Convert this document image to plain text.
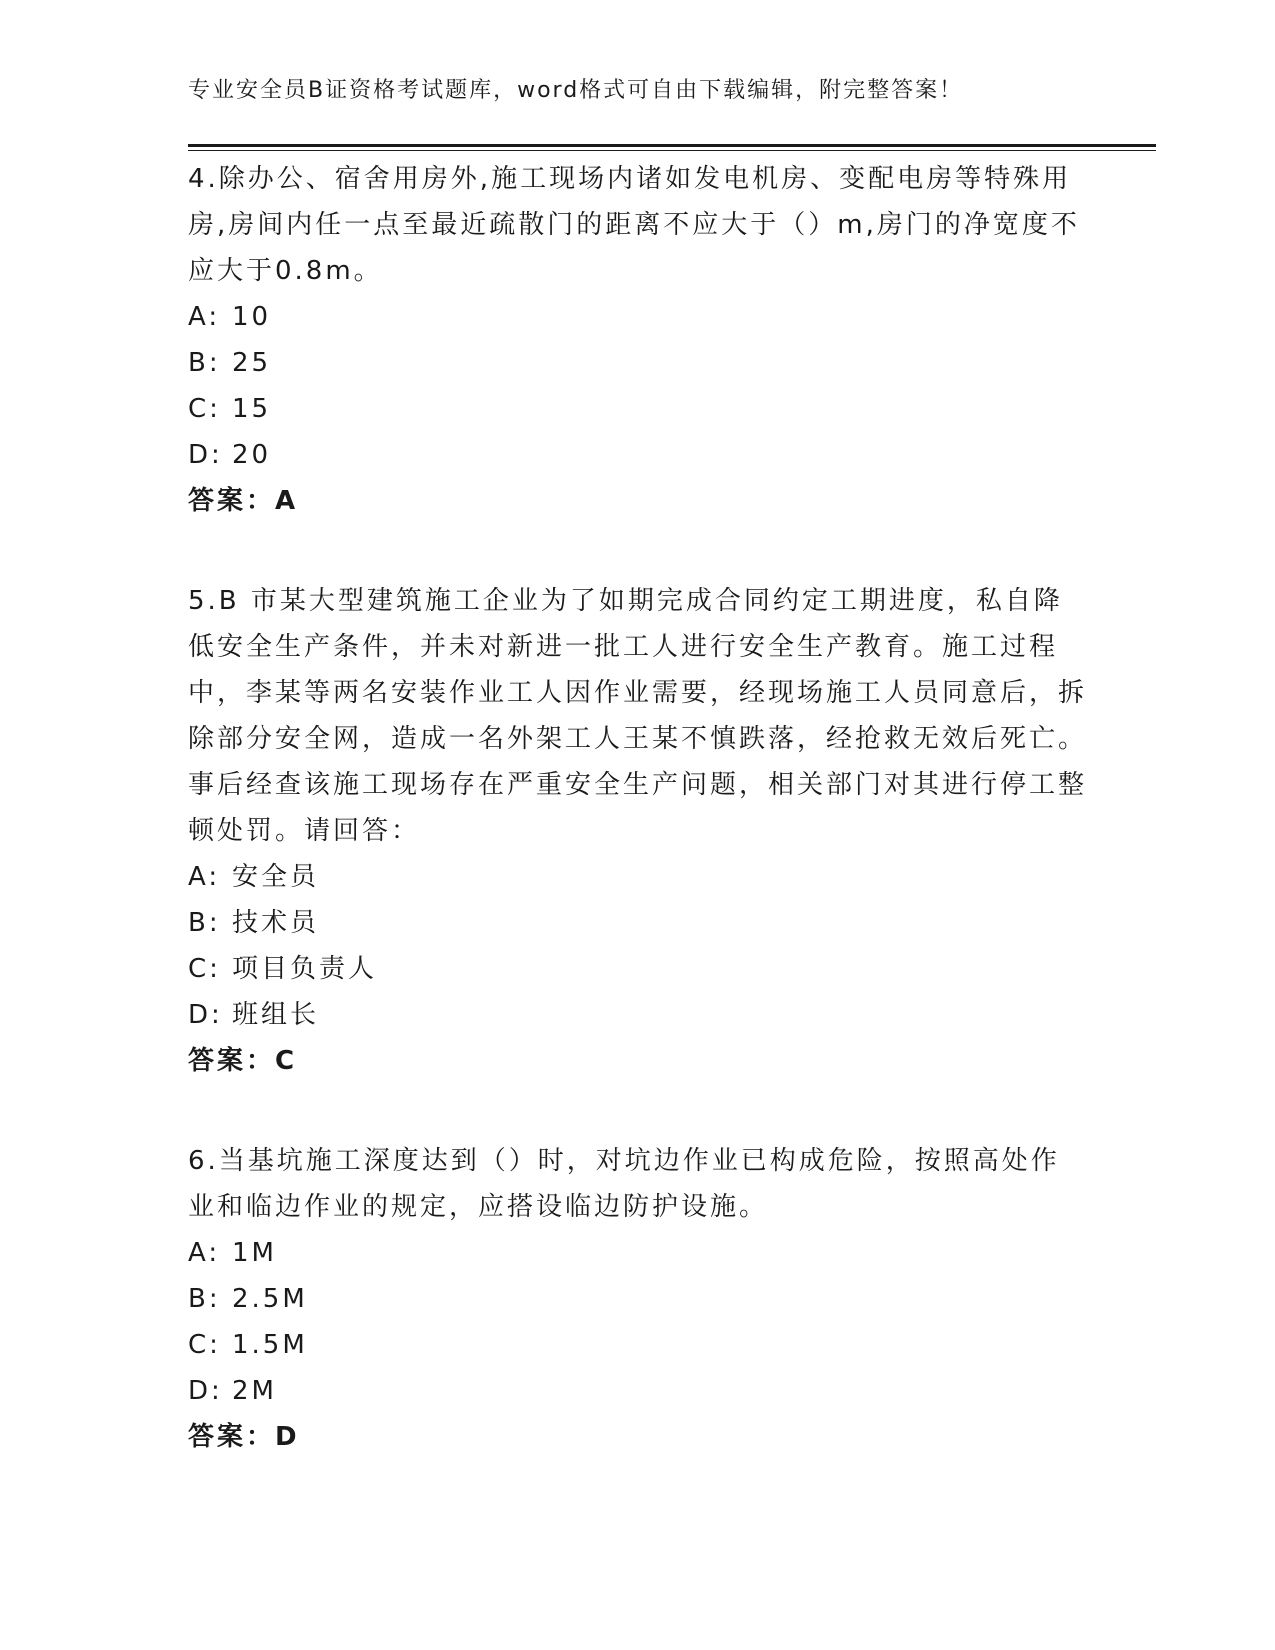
专业安全员B证资格考试题库，word格式可自由下载编辑，附完整答案！

4.除办公、宿舍用房外,施工现场内诸如发电机房、变配电房等特殊用房,房间内任一点至最近疏散门的距离不应大于（）m,房门的净宽度不应大于0.8m。

A: 10

B: 25

C: 15

D: 20

答案：A

5.B 市某大型建筑施工企业为了如期完成合同约定工期进度，私自降低安全生产条件，并未对新进一批工人进行安全生产教育。施工过程中，李某等两名安装作业工人因作业需要，经现场施工人员同意后，拆除部分安全网，造成一名外架工人王某不慎跌落，经抢救无效后死亡。事后经查该施工现场存在严重安全生产问题，相关部门对其进行停工整顿处罚。请回答：

A: 安全员

B: 技术员

C: 项目负责人

D: 班组长

答案：C

6.当基坑施工深度达到（）时，对坑边作业已构成危险，按照高处作业和临边作业的规定，应搭设临边防护设施。

A: 1M

B: 2.5M

C: 1.5M

D: 2M

答案：D
